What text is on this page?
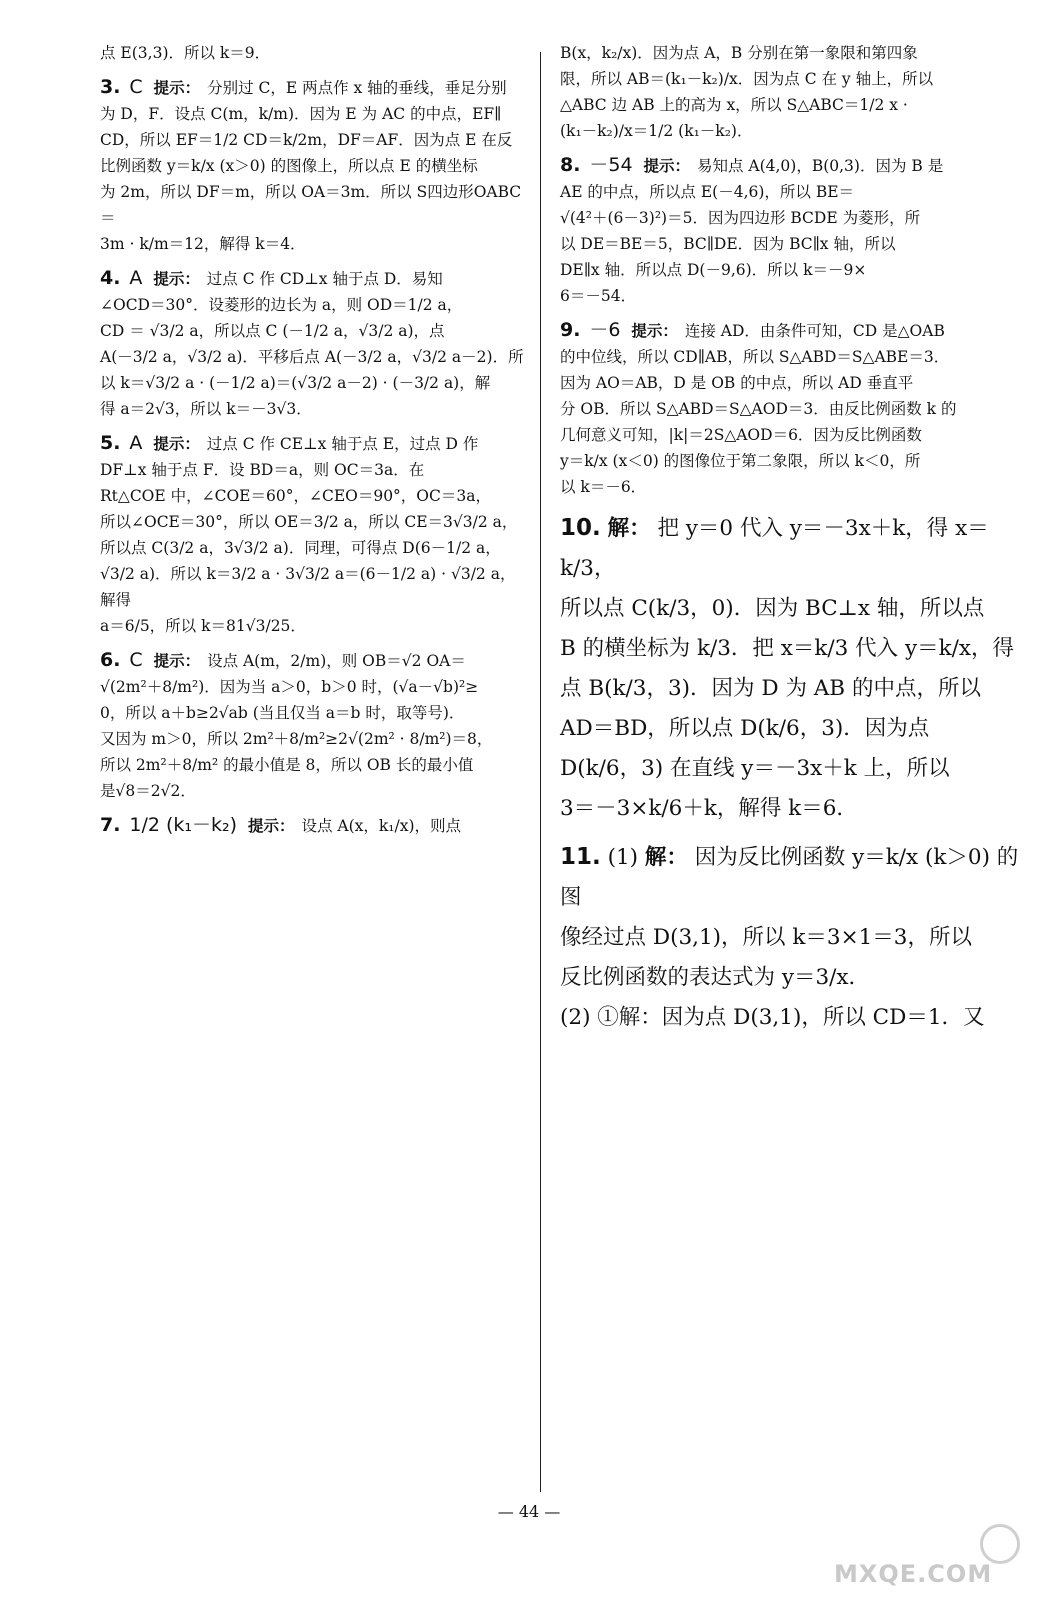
点 E(3,3)．所以 k＝9．

3. C 提示： 分别过 C，E 两点作 x 轴的垂线，垂足分别

为 D，F．设点 C(m，k/m)．因为 E 为 AC 的中点，EF∥

CD，所以 EF＝1/2 CD＝k/2m，DF＝AF．因为点 E 在反

比例函数 y＝k/x (x＞0) 的图像上，所以点 E 的横坐标

为 2m，所以 DF＝m，所以 OA＝3m．所以 S四边形OABC＝

3m · k/m＝12，解得 k＝4．

4. A 提示： 过点 C 作 CD⊥x 轴于点 D．易知

∠OCD＝30°．设菱形的边长为 a，则 OD＝1/2 a，

CD ＝ √3/2 a，所以点 C (－1/2 a，√3/2 a)，点

A(－3/2 a，√3/2 a)．平移后点 A(－3/2 a，√3/2 a－2)．所

以 k＝√3/2 a · (－1/2 a)＝(√3/2 a－2) · (－3/2 a)，解

得 a＝2√3，所以 k＝－3√3．

5. A 提示： 过点 C 作 CE⊥x 轴于点 E，过点 D 作

DF⊥x 轴于点 F．设 BD＝a，则 OC＝3a．在

Rt△COE 中，∠COE＝60°，∠CEO＝90°，OC＝3a，

所以∠OCE＝30°，所以 OE＝3/2 a，所以 CE＝3√3/2 a，

所以点 C(3/2 a，3√3/2 a)．同理，可得点 D(6－1/2 a，

√3/2 a)．所以 k＝3/2 a · 3√3/2 a＝(6－1/2 a) · √3/2 a，解得

a＝6/5，所以 k＝81√3/25．

6. C 提示： 设点 A(m，2/m)，则 OB＝√2 OA＝

√(2m²＋8/m²)．因为当 a＞0，b＞0 时，(√a－√b)²≥

0，所以 a＋b≥2√ab (当且仅当 a＝b 时，取等号)．

又因为 m＞0，所以 2m²＋8/m²≥2√(2m² · 8/m²)＝8，

所以 2m²＋8/m² 的最小值是 8，所以 OB 长的最小值

是√8＝2√2．

7. 1/2 (k₁－k₂) 提示： 设点 A(x，k₁/x)，则点

B(x，k₂/x)．因为点 A，B 分别在第一象限和第四象

限，所以 AB＝(k₁－k₂)/x．因为点 C 在 y 轴上，所以

△ABC 边 AB 上的高为 x，所以 S△ABC＝1/2 x ·

(k₁－k₂)/x＝1/2 (k₁－k₂)．

8. －54 提示： 易知点 A(4,0)，B(0,3)．因为 B 是

AE 的中点，所以点 E(－4,6)，所以 BE＝

√(4²＋(6－3)²)＝5．因为四边形 BCDE 为菱形，所

以 DE＝BE＝5，BC∥DE．因为 BC∥x 轴，所以

DE∥x 轴．所以点 D(－9,6)．所以 k＝－9×

6＝－54．

9. －6 提示： 连接 AD．由条件可知，CD 是△OAB

的中位线，所以 CD∥AB，所以 S△ABD＝S△ABE＝3．

因为 AO＝AB，D 是 OB 的中点，所以 AD 垂直平

分 OB．所以 S△ABD＝S△AOD＝3．由反比例函数 k 的

几何意义可知，|k|＝2S△AOD＝6．因为反比例函数

y＝k/x (x＜0) 的图像位于第二象限，所以 k＜0，所

以 k＝－6．

10. 解： 把 y＝0 代入 y＝－3x＋k，得 x＝k/3，

所以点 C(k/3，0)．因为 BC⊥x 轴，所以点

B 的横坐标为 k/3．把 x＝k/3 代入 y＝k/x，得

点 B(k/3，3)．因为 D 为 AB 的中点，所以

AD＝BD，所以点 D(k/6，3)．因为点

D(k/6，3) 在直线 y＝－3x＋k 上，所以

3＝－3×k/6＋k，解得 k＝6．

11. (1) 解： 因为反比例函数 y＝k/x (k＞0) 的图

像经过点 D(3,1)，所以 k＝3×1＝3，所以

反比例函数的表达式为 y＝3/x．

(2) ①解：因为点 D(3,1)，所以 CD＝1．又

— 44 —
MXQE.COM
